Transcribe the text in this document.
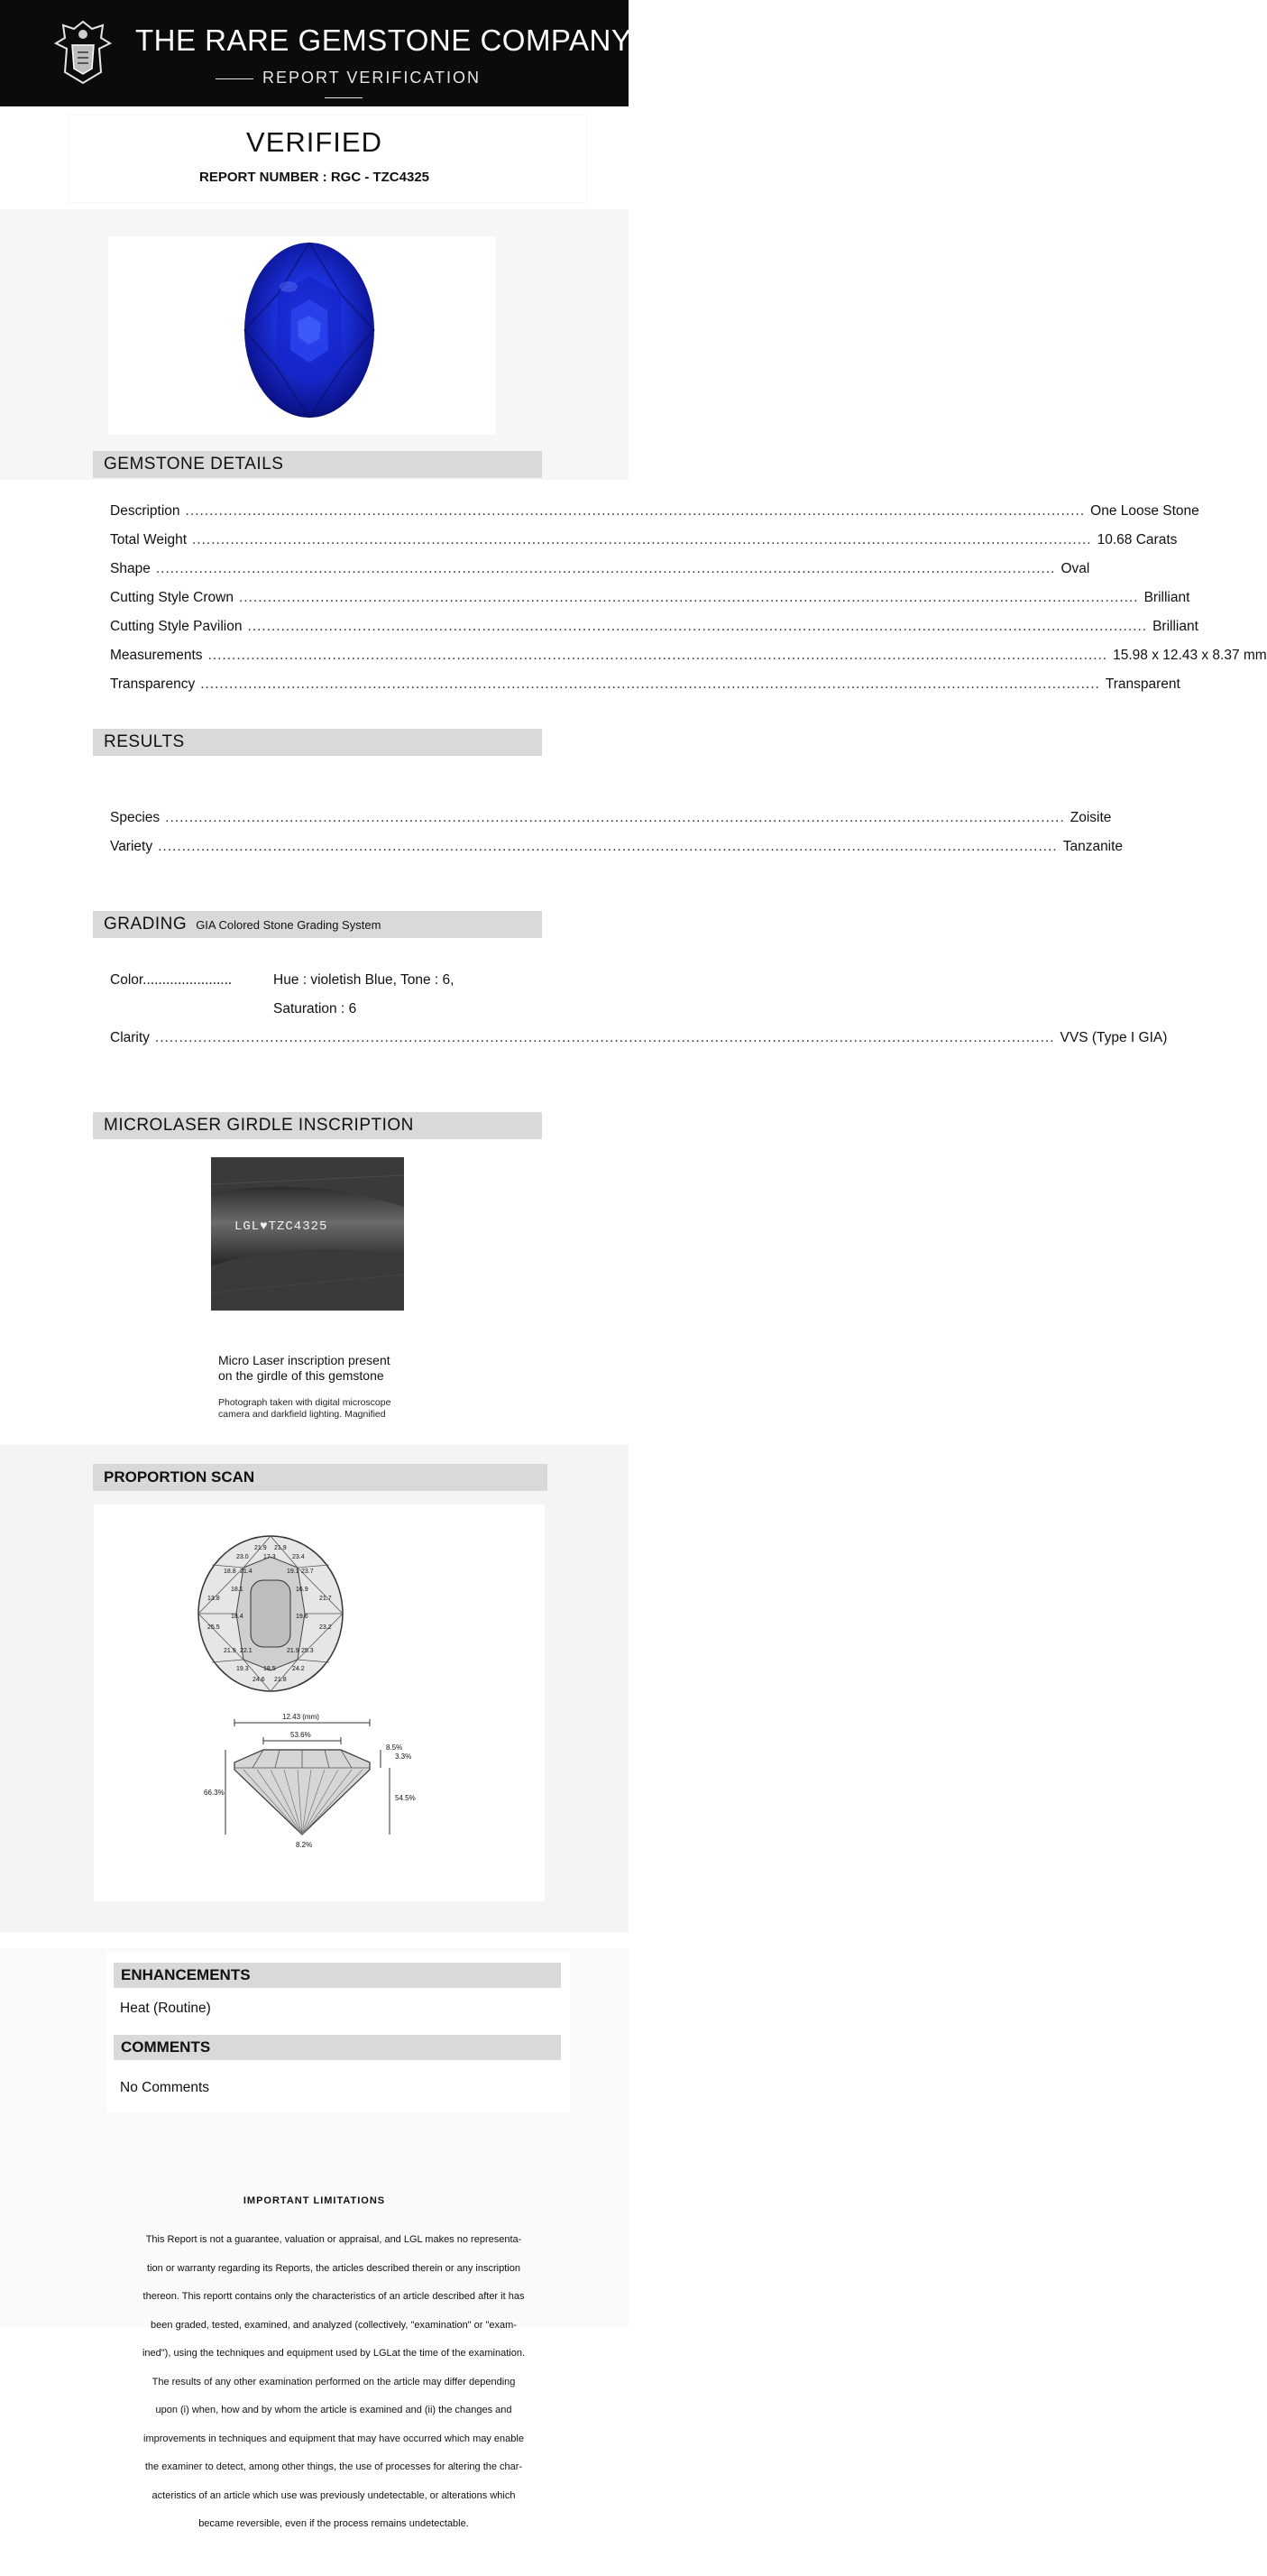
THE RARE GEMSTONE COMPANY ™
REPORT VERIFICATION
VERIFIED
REPORT NUMBER : RGC - TZC4325
GEMSTONE DETAILS
Description .....	One Loose Stone
Total Weight .....	10.68 Carats
Shape .....	Oval
Cutting Style Crown .....	Brilliant
Cutting Style Pavilion .....	Brilliant
Measurements .....	15.98 x 12.43 x 8.37 mm
Transparency .....	Transparent
RESULTS
Species .....	Zoisite
Variety .....	Tanzanite
GRADING GIA Colored Stone Grading System
Color.......................	Hue : violetish Blue, Tone : 6,
Saturation : 6
Clarity .....	VVS (Type I GIA)
MICROLASER GIRDLE INSCRIPTION
LGL♥TZC4325
Micro Laser inscription present
on the girdle of this gemstone
Photograph taken with digital microscope
camera and darkfield lighting. Magnified
PROPORTION SCAN
21.9 21.9
23.0 17.3	23.4
18.8 21.4	23.7
19.1
18.1
13.8
16.9
21.7
25.5
18.4	19.6
23.2
21.9 22.1	21.9 25.3
19.3 18.5	24.2
24.6 21.8
12.43 (mm)
53.6%
66.3%
8.5%
3.3%
54.5%
8.2%
ENHANCEMENTS
Heat (Routine)
COMMENTS
No Comments
IMPORTANT LIMITATIONS
This Report is not a guarantee, valuation or appraisal, and LGL makes no representa-
tion or warranty regarding its Reports, the articles described therein or any inscription
thereon. This reportt contains only the characteristics of an article described after it has
been graded, tested, examined, and analyzed (collectively, "examination" or "exam-
ined"), using the techniques and equipment used by LGLat the time of the examination.
The results of any other examination performed on the article may differ depending
upon (i) when, how and by whom the article is examined and (ii) the changes and
improvements in techniques and equipment that may have occurred which may enable
the examiner to detect, among other things, the use of processes for altering the char-
acteristics of an article which use was previously undetectable, or alterations which
became reversible, even if the process remains undetectable.
